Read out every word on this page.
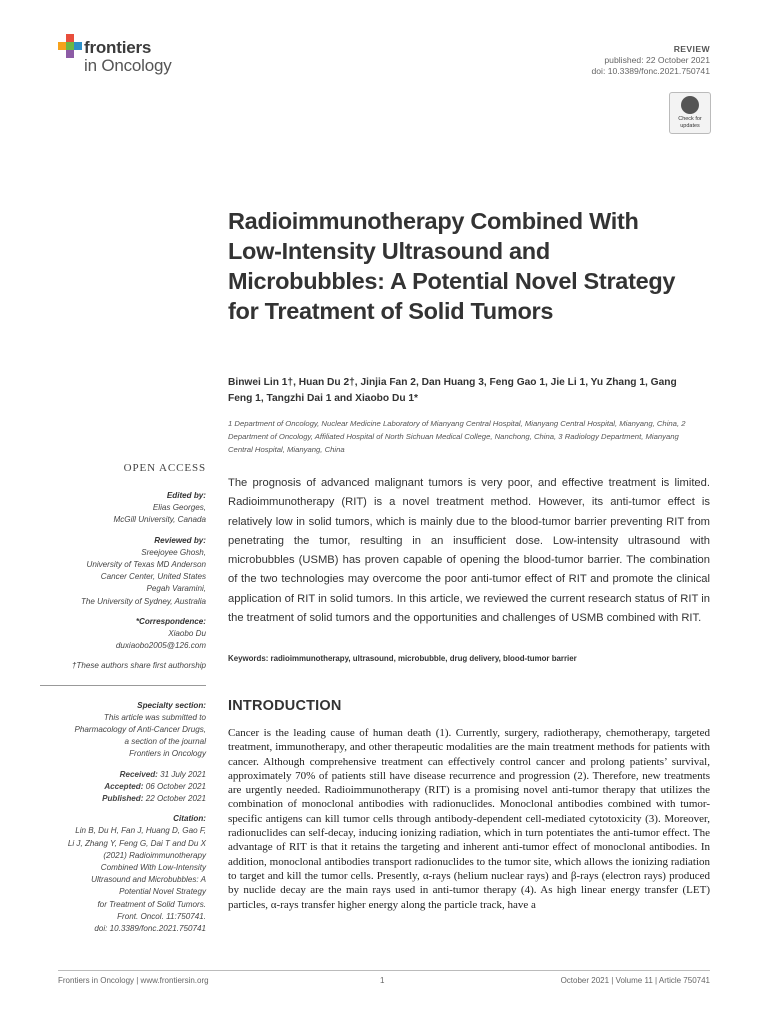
frontiers
in Oncology
REVIEW
published: 22 October 2021
doi: 10.3389/fonc.2021.750741
Check for updates
Radioimmunotherapy Combined With Low-Intensity Ultrasound and Microbubbles: A Potential Novel Strategy for Treatment of Solid Tumors
Binwei Lin 1†, Huan Du 2†, Jinjia Fan 2, Dan Huang 3, Feng Gao 1, Jie Li 1, Yu Zhang 1, Gang Feng 1, Tangzhi Dai 1 and Xiaobo Du 1*
1 Department of Oncology, Nuclear Medicine Laboratory of Mianyang Central Hospital, Mianyang Central Hospital, Mianyang, China, 2 Department of Oncology, Affiliated Hospital of North Sichuan Medical College, Nanchong, China, 3 Radiology Department, Mianyang Central Hospital, Mianyang, China
OPEN ACCESS
Edited by:
Elias Georges,
McGill University, Canada
Reviewed by:
Sreejoyee Ghosh,
University of Texas MD Anderson
Cancer Center, United States
Pegah Varamini,
The University of Sydney, Australia
*Correspondence:
Xiaobo Du
duxiaobo2005@126.com
†These authors share first authorship
Specialty section:
This article was submitted to
Pharmacology of Anti-Cancer Drugs,
a section of the journal
Frontiers in Oncology
Received: 31 July 2021
Accepted: 06 October 2021
Published: 22 October 2021
Citation:
Lin B, Du H, Fan J, Huang D, Gao F,
Li J, Zhang Y, Feng G, Dai T and Du X
(2021) Radioimmunotherapy
Combined With Low-Intensity
Ultrasound and Microbubbles: A
Potential Novel Strategy
for Treatment of Solid Tumors.
Front. Oncol. 11:750741.
doi: 10.3389/fonc.2021.750741

The prognosis of advanced malignant tumors is very poor, and effective treatment is limited. Radioimmunotherapy (RIT) is a novel treatment method. However, its anti-tumor effect is relatively low in solid tumors, which is mainly due to the blood-tumor barrier preventing RIT from penetrating the tumor, resulting in an insufficient dose. Low-intensity ultrasound with microbubbles (USMB) has proven capable of opening the blood-tumor barrier. The combination of the two technologies may overcome the poor anti-tumor effect of RIT and promote the clinical application of RIT in solid tumors. In this article, we reviewed the current research status of RIT in the treatment of solid tumors and the opportunities and challenges of USMB combined with RIT.

Keywords: radioimmunotherapy, ultrasound, microbubble, drug delivery, blood-tumor barrier
INTRODUCTION

Cancer is the leading cause of human death (1). Currently, surgery, radiotherapy, chemotherapy, targeted treatment, immunotherapy, and other therapeutic modalities are the main treatment methods for patients with cancer. Although comprehensive treatment can effectively control cancer and prolong patients’ survival, approximately 70% of patients still have disease recurrence and progression (2). Therefore, new treatments are urgently needed. Radioimmunotherapy (RIT) is a promising novel anti-tumor therapy that utilizes the combination of monoclonal antibodies with radionuclides. Monoclonal antibodies combined with tumor-specific antigens can kill tumor cells through antibody-dependent cell-mediated cytotoxicity (3). Moreover, radionuclides can self-decay, inducing ionizing radiation, which in turn potentiates the anti-tumor effect. The advantage of RIT is that it retains the targeting and inherent anti-tumor effect of monoclonal antibodies. In addition, monoclonal antibodies transport radionuclides to the tumor site, which allows the ionizing radiation to target and kill the tumor cells. Presently, α-rays (helium nuclear rays) and β-rays (electron rays) produced by nuclide decay are the main rays used in anti-tumor therapy (4). As high linear energy transfer (LET) particles, α-rays transfer higher energy along the particle track, have a

Frontiers in Oncology | www.frontiersin.org	1	October 2021 | Volume 11 | Article 750741
